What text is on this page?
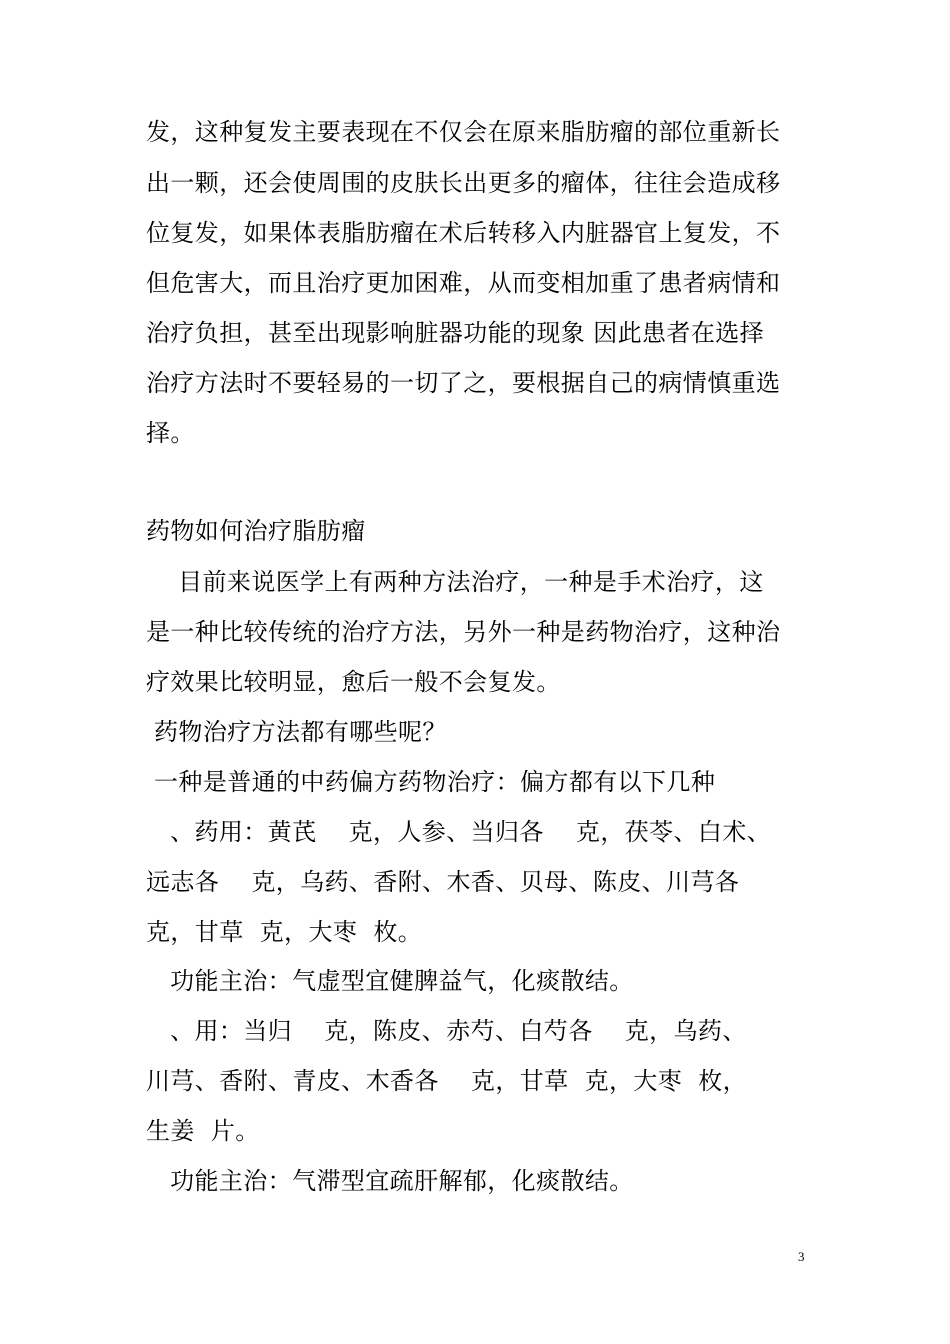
发，这种复发主要表现在不仅会在原来脂肪瘤的部位重新长
出一颗，还会使周围的皮肤长出更多的瘤体，往往会造成移
位复发，如果体表脂肪瘤在术后转移入内脏器官上复发，不
但危害大，而且治疗更加困难，从而变相加重了患者病情和
治疗负担，甚至出现影响脏器功能的现象 因此患者在选择
治疗方法时不要轻易的一切了之，要根据自己的病情慎重选
择。
药物如何治疗脂肪瘤
目前来说医学上有两种方法治疗，一种是手术治疗，这
是一种比较传统的治疗方法，另外一种是药物治疗，这种治
疗效果比较明显，愈后一般不会复发。
药物治疗方法都有哪些呢？
一种是普通的中药偏方药物治疗：偏方都有以下几种
、药用：黄芪    克，人参、当归各    克，茯苓、白术、
远志各    克，乌药、香附、木香、贝母、陈皮、川芎各
克，甘草  克，大枣  枚。
功能主治：气虚型宜健脾益气，化痰散结。
、用：当归    克，陈皮、赤芍、白芍各    克，乌药、
川芎、香附、青皮、木香各    克，甘草  克，大枣  枚，
生姜  片。
功能主治：气滞型宜疏肝解郁，化痰散结。
3
